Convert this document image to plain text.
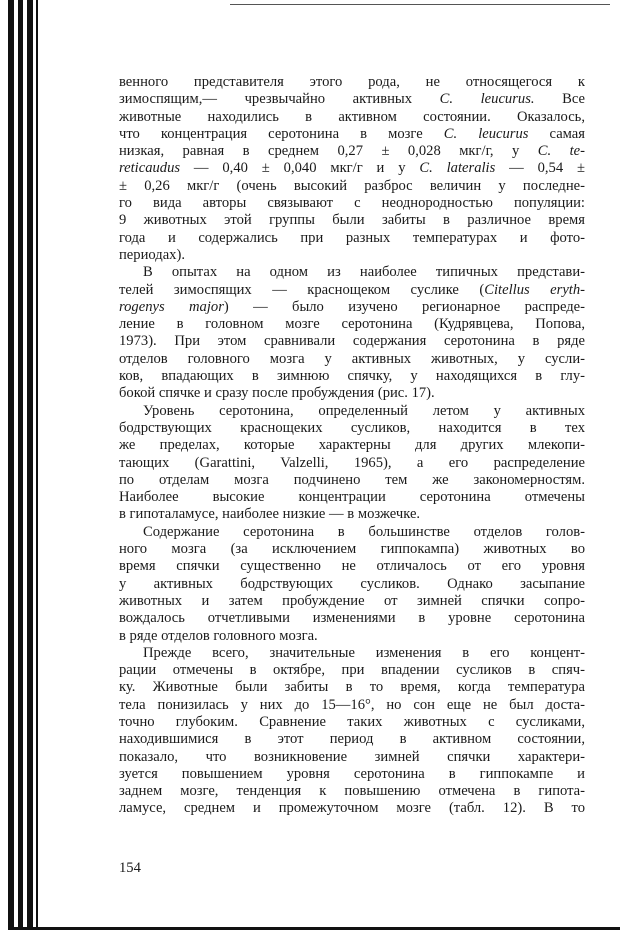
венного представителя этого рода, не относящегося к
зимоспящим,— чрезвычайно активных C. leucurus. Все
животные находились в активном состоянии. Оказалось,
что концентрация серотонина в мозге C. leucurus самая
низкая, равная в среднем 0,27 ± 0,028 мкг/г, у C. te-
reticaudus — 0,40 ± 0,040 мкг/г и у C. lateralis — 0,54 ±
± 0,26 мкг/г (очень высокий разброс величин у последне-
го вида авторы связывают с неоднородностью популяции:
9 животных этой группы были забиты в различное время
года и содержались при разных температурах и фото-
периодах).
В опытах на одном из наиболее типичных представи-
телей зимоспящих — краснощеком суслике (Citellus eryth-
rogenys major) — было изучено регионарное распреде-
ление в головном мозге серотонина (Кудрявцева, Попова,
1973). При этом сравнивали содержания серотонина в ряде
отделов головного мозга у активных животных, у сусли-
ков, впадающих в зимнюю спячку, у находящихся в глу-
бокой спячке и сразу после пробуждения (рис. 17).
Уровень серотонина, определенный летом у активных
бодрствующих краснощеких сусликов, находится в тех
же пределах, которые характерны для других млекопи-
тающих (Garattini, Valzelli, 1965), а его распределение
по отделам мозга подчинено тем же закономерностям.
Наиболее высокие концентрации серотонина отмечены
в гипоталамусе, наиболее низкие — в мозжечке.
Содержание серотонина в большинстве отделов голов-
ного мозга (за исключением гиппокампа) животных во
время спячки существенно не отличалось от его уровня
у активных бодрствующих сусликов. Однако засыпание
животных и затем пробуждение от зимней спячки сопро-
вождалось отчетливыми изменениями в уровне серотонина
в ряде отделов головного мозга.
Прежде всего, значительные изменения в его концент-
рации отмечены в октябре, при впадении сусликов в спяч-
ку. Животные были забиты в то время, когда температура
тела понизилась у них до 15—16°, но сон еще не был доста-
точно глубоким. Сравнение таких животных с сусликами,
находившимися в этот период в активном состоянии,
показало, что возникновение зимней спячки характери-
зуется повышением уровня серотонина в гиппокампе и
заднем мозге, тенденция к повышению отмечена в гипота-
ламусе, среднем и промежуточном мозге (табл. 12). В то
154
